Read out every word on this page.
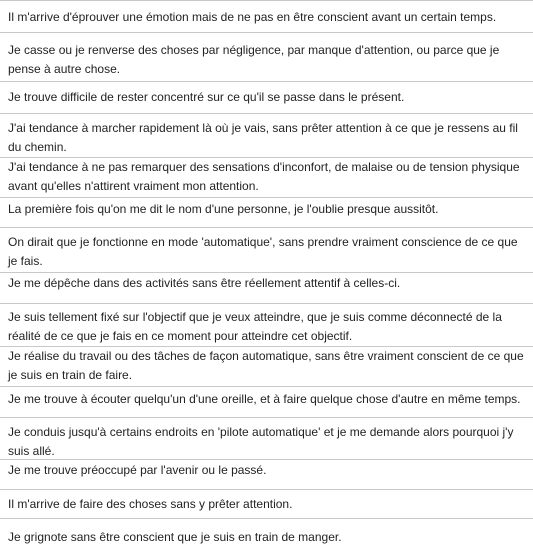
Il m'arrive d'éprouver une émotion mais de ne pas en être conscient avant un certain temps.
Je casse ou je renverse des choses par négligence, par manque d'attention, ou parce que je pense à autre chose.
Je trouve difficile de rester concentré sur ce qu'il se passe dans le présent.
J'ai tendance à marcher rapidement là où je vais, sans prêter attention à ce que je ressens au fil du chemin.
J'ai tendance à ne pas remarquer des sensations d'inconfort, de malaise ou de tension physique avant qu'elles n'attirent vraiment mon attention.
La première fois qu'on me dit le nom d'une personne, je l'oublie presque aussitôt.
On dirait que je fonctionne en mode 'automatique', sans prendre vraiment conscience de ce que je fais.
Je me dépêche dans des activités sans être réellement attentif à celles-ci.
Je suis tellement fixé sur l'objectif que je veux atteindre, que je suis comme déconnecté de la réalité de ce que je fais en ce moment pour atteindre cet objectif.
Je réalise du travail ou des tâches de façon automatique, sans être vraiment conscient de ce que je suis en train de faire.
Je me trouve à écouter quelqu'un d'une oreille, et à faire quelque chose d'autre en même temps.
Je conduis jusqu'à certains endroits en 'pilote automatique' et je me demande alors pourquoi j'y suis allé.
Je me trouve préoccupé par l'avenir ou le passé.
Il m'arrive de faire des choses sans y prêter attention.
Je grignote sans être conscient que je suis en train de manger.
